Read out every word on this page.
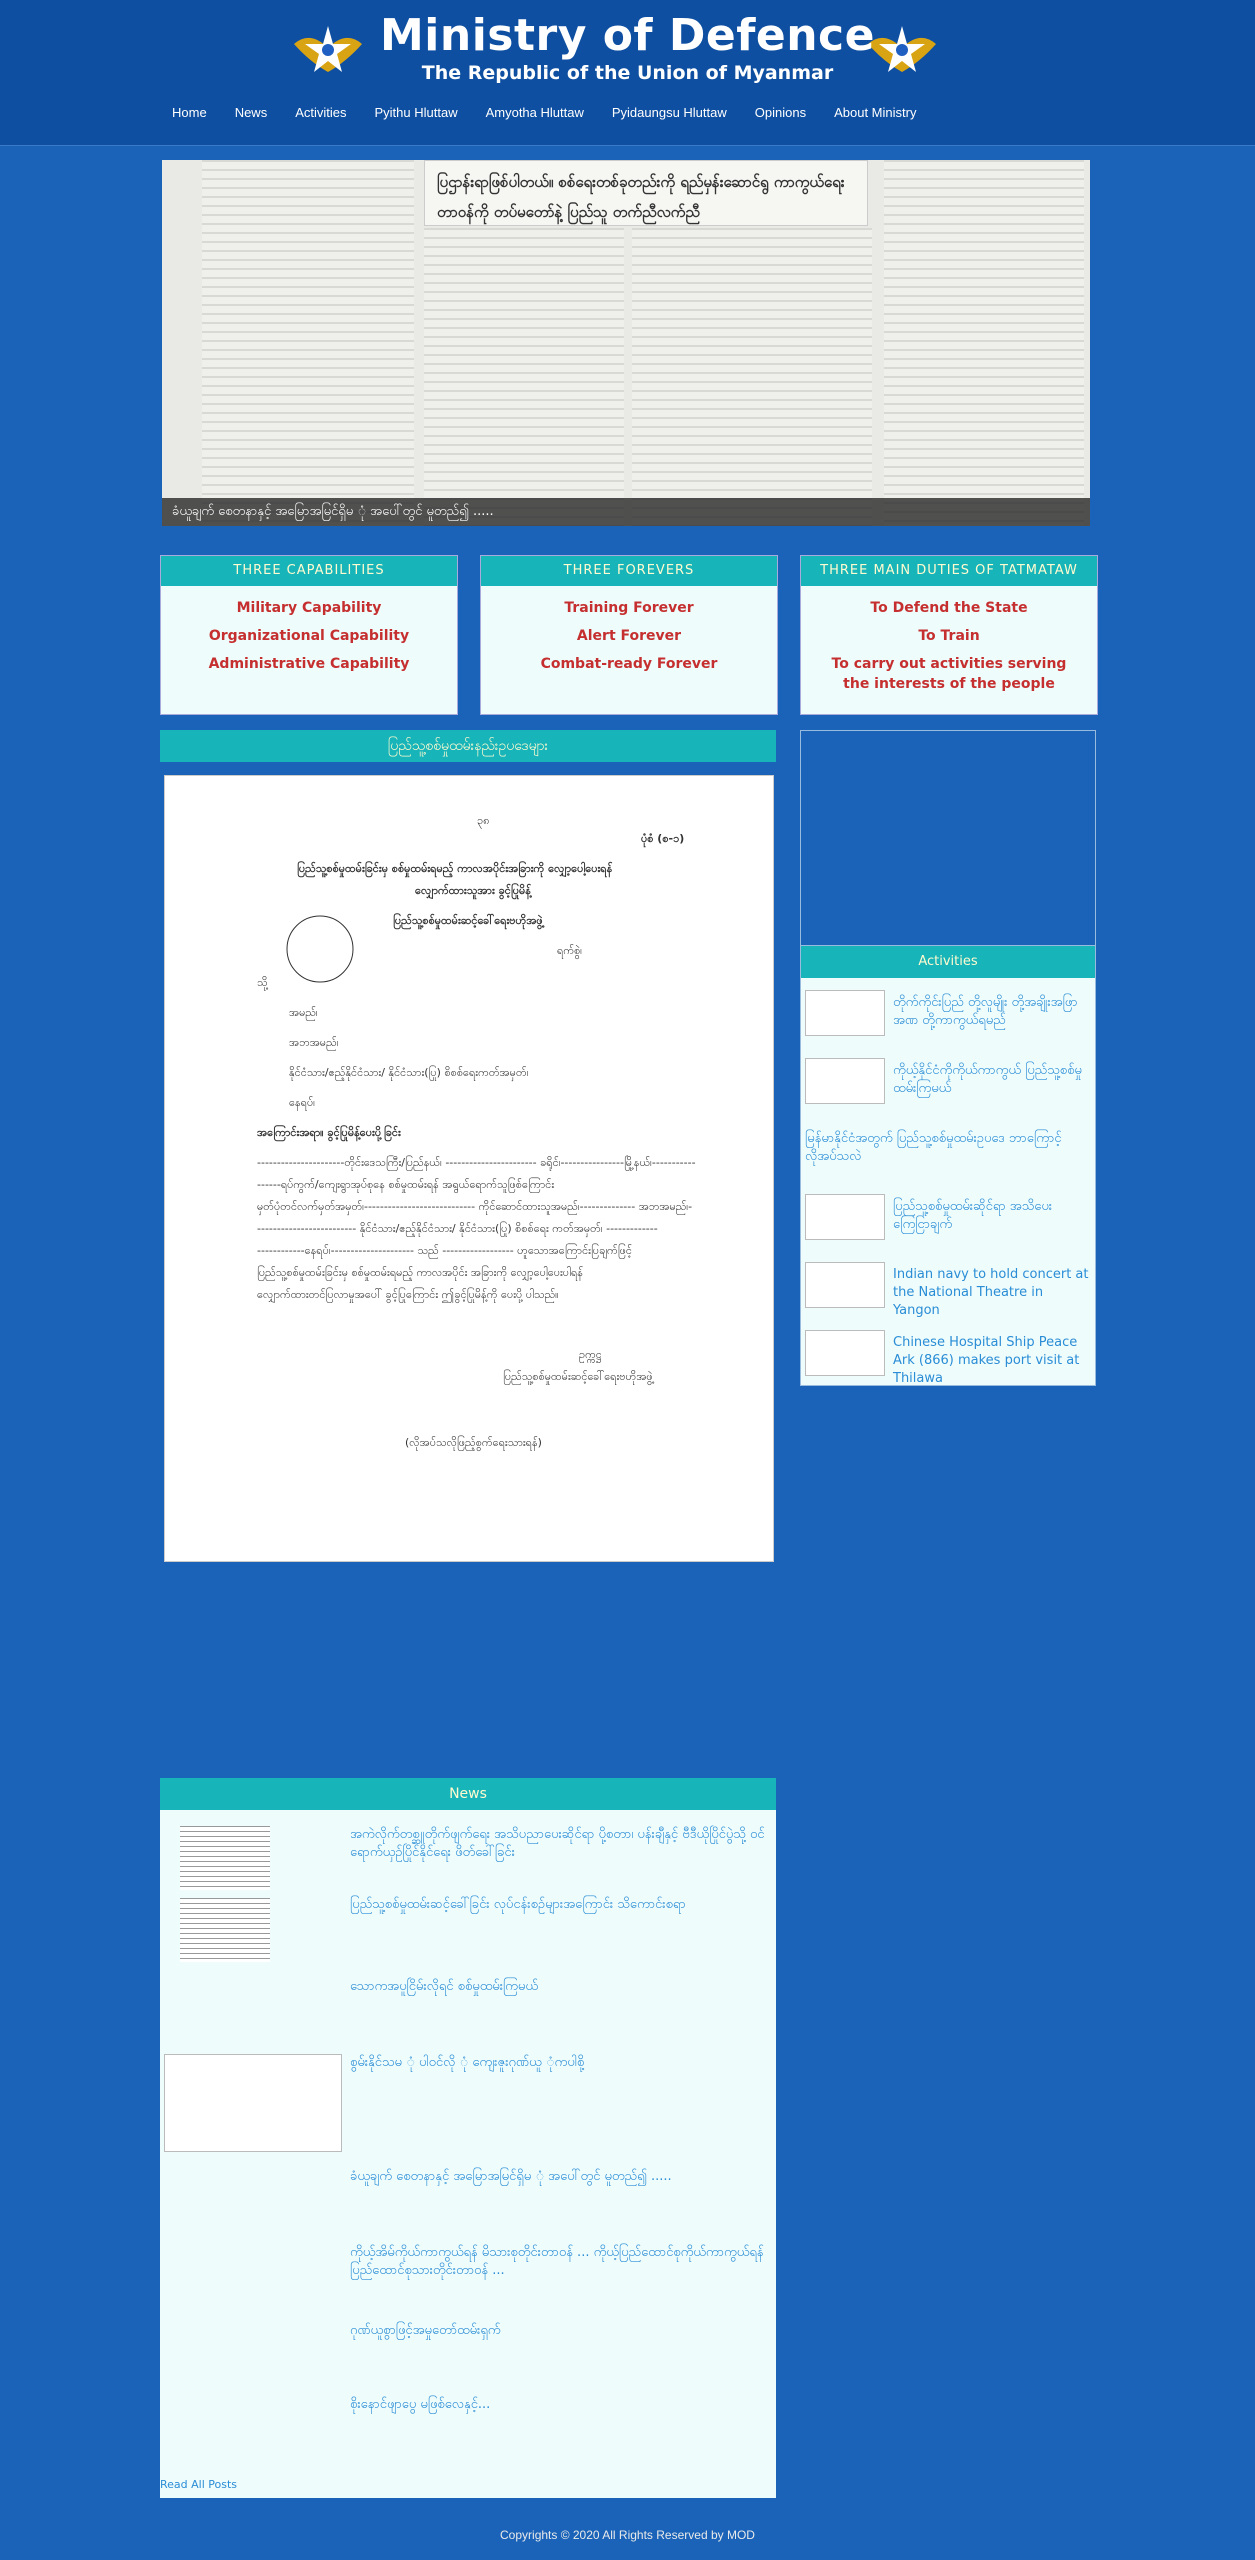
Ministry of Defence
The Republic of the Union of Myanmar
Home News Activities Pyithu Hluttaw Amyotha Hluttaw Pyidaungsu Hluttaw Opinions About Ministry
ပြဌာန်းရာဖြစ်ပါတယ်။ စစ်ရေးတစ်ခုတည်းကို ရည်မှန်းဆောင်ရွ ကာကွယ်ရေးတာဝန်ကို တပ်မတော်နဲ့ ပြည်သူ တက်ညီလက်ညီ
ခံယူချက် စေတနာနှင့် အမြောအမြင်ရှိမ ုံ အပေါ်တွင် မူတည်၍ .....
THREE CAPABILITIES
Military Capability
Organizational Capability
Administrative Capability
THREE FOREVERS
Training Forever
Alert Forever
Combat-ready Forever
THREE MAIN DUTIES OF TATMATAW
To Defend the State
To Train
To carry out activities serving the interests of the people
ပြည်သူ့စစ်မှုထမ်းနည်းဥပဒေများ
၃၈
ပုံစံ (စ-၁)
ပြည်သူ့စစ်မှုထမ်းခြင်းမှ စစ်မှုထမ်းရမည့် ကာလအပိုင်းအခြားကို လျှော့ပေါ့ပေးရန်
လျှောက်ထားသူအား ခွင့်ပြုမိန့်
ပြည်သူ့စစ်မှုထမ်းဆင့်ခေါ်ရေးဗဟိုအဖွဲ့
ရက်စွဲ၊
သို့
အမည်၊
အဘအမည်၊
နိုင်ငံသား/ဧည့်နိုင်ငံသား/ နိုင်ငံသား(ပြု) စိစစ်ရေးကတ်အမှတ်၊
နေရပ်၊
အကြောင်းအရာ။ ခွင့်ပြုမိန့်ပေးပို့ခြင်း
----------------------တိုင်းဒေသကြီး/ပြည်နယ်၊ ----------------------- ခရိုင်၊----------------မြို့နယ်၊-----------
------ရပ်ကွက်/ကျေးရွာအုပ်စုနေ စစ်မှုထမ်းရန် အရွယ်ရောက်သူဖြစ်ကြောင်း
မှတ်ပုံတင်လက်မှတ်အမှတ်၊---------------------------- ကိုင်ဆောင်ထားသူအမည်၊-------------- အဘအမည်၊-
------------------------- နိုင်ငံသား/ဧည့်နိုင်ငံသား/ နိုင်ငံသား(ပြု) စိစစ်ရေး ကတ်အမှတ်၊ -------------
------------နေရပ်၊--------------------- သည် ------------------ ဟူသောအကြောင်းပြချက်ဖြင့်
ပြည်သူ့စစ်မှုထမ်းခြင်းမှ စစ်မှုထမ်းရမည့် ကာလအပိုင်း အခြားကို လျှော့ပေါ့ပေးပါရန်
လျှောက်ထားတင်ပြလာမှုအပေါ် ခွင့်ပြုကြောင်း ဤခွင့်ပြုမိန့်ကို ပေးပို့ ပါသည်။
ဥက္ကဋ္ဌ
ပြည်သူ့စစ်မှုထမ်းဆင့်ခေါ်ရေးဗဟိုအဖွဲ့
(လိုအပ်သလိုဖြည့်စွက်ရေးသားရန်)
Activities
တိုက်ကိုင်းပြည် တို့လူမျိုး တို့အချိုးအဖြာအဏ တို့ကာကွယ်ရမည်
ကိုယ့်နိုင်ငံကိုကိုယ်ကာကွယ် ပြည်သူ့စစ်မှုထမ်းကြမယ်
မြန်မာနိုင်ငံအတွက် ပြည်သူ့စစ်မှုထမ်းဥပဒေ ဘာကြောင့် လိုအပ်သလဲ
ပြည်သူ့စစ်မှုထမ်းဆိုင်ရာ အသိပေးကြေငြာချက်
Indian navy to hold concert at the National Theatre in Yangon
Chinese Hospital Ship Peace Ark (866) makes port visit at Thilawa
News
အကဲလိုက်တစ္ဆူတိုက်ဖျက်ရေး အသိပညာပေးဆိုင်ရာ ပို့စတာ၊ ပန်းချီနှင့် ဗီဒီယိုပြိုင်ပွဲသို့ ဝင်ရောက်ယှဉ်ပြိုင်နိုင်ရေး ဖိတ်ခေါ်ခြင်း
ပြည်သူ့စစ်မှုထမ်းဆင့်ခေါ်ခြင်း လုပ်ငန်းစဉ်များအကြောင်း သိကောင်းစရာ
သောကအပူငြိမ်းလိုရင် စစ်မှုထမ်းကြမယ်
စွမ်းနိုင်သမ ုံ ပါဝင်လို ုံ ကျေးဇူးဂုဏ်ယူ ုံကပါစို့
ခံယူချက် စေတနာနှင့် အမြောအမြင်ရှိမ ုံ အပေါ်တွင် မူတည်၍ .....
ကိုယ့်အိမ်ကိုယ်ကာကွယ်ရန် မိသားစုတိုင်းတာဝန် ... ကိုယ့်ပြည်ထောင်စုကိုယ်ကာကွယ်ရန် ပြည်ထောင်စုသားတိုင်းတာဝန် ...
ဂုဏ်ယူစွာဖြင့်အမှုတော်ထမ်းရှက်
စိုးနောင်ဖျာပွေ မဖြစ်လေနှင့်...
Read All Posts
Copyrights © 2020 All Rights Reserved by MOD
